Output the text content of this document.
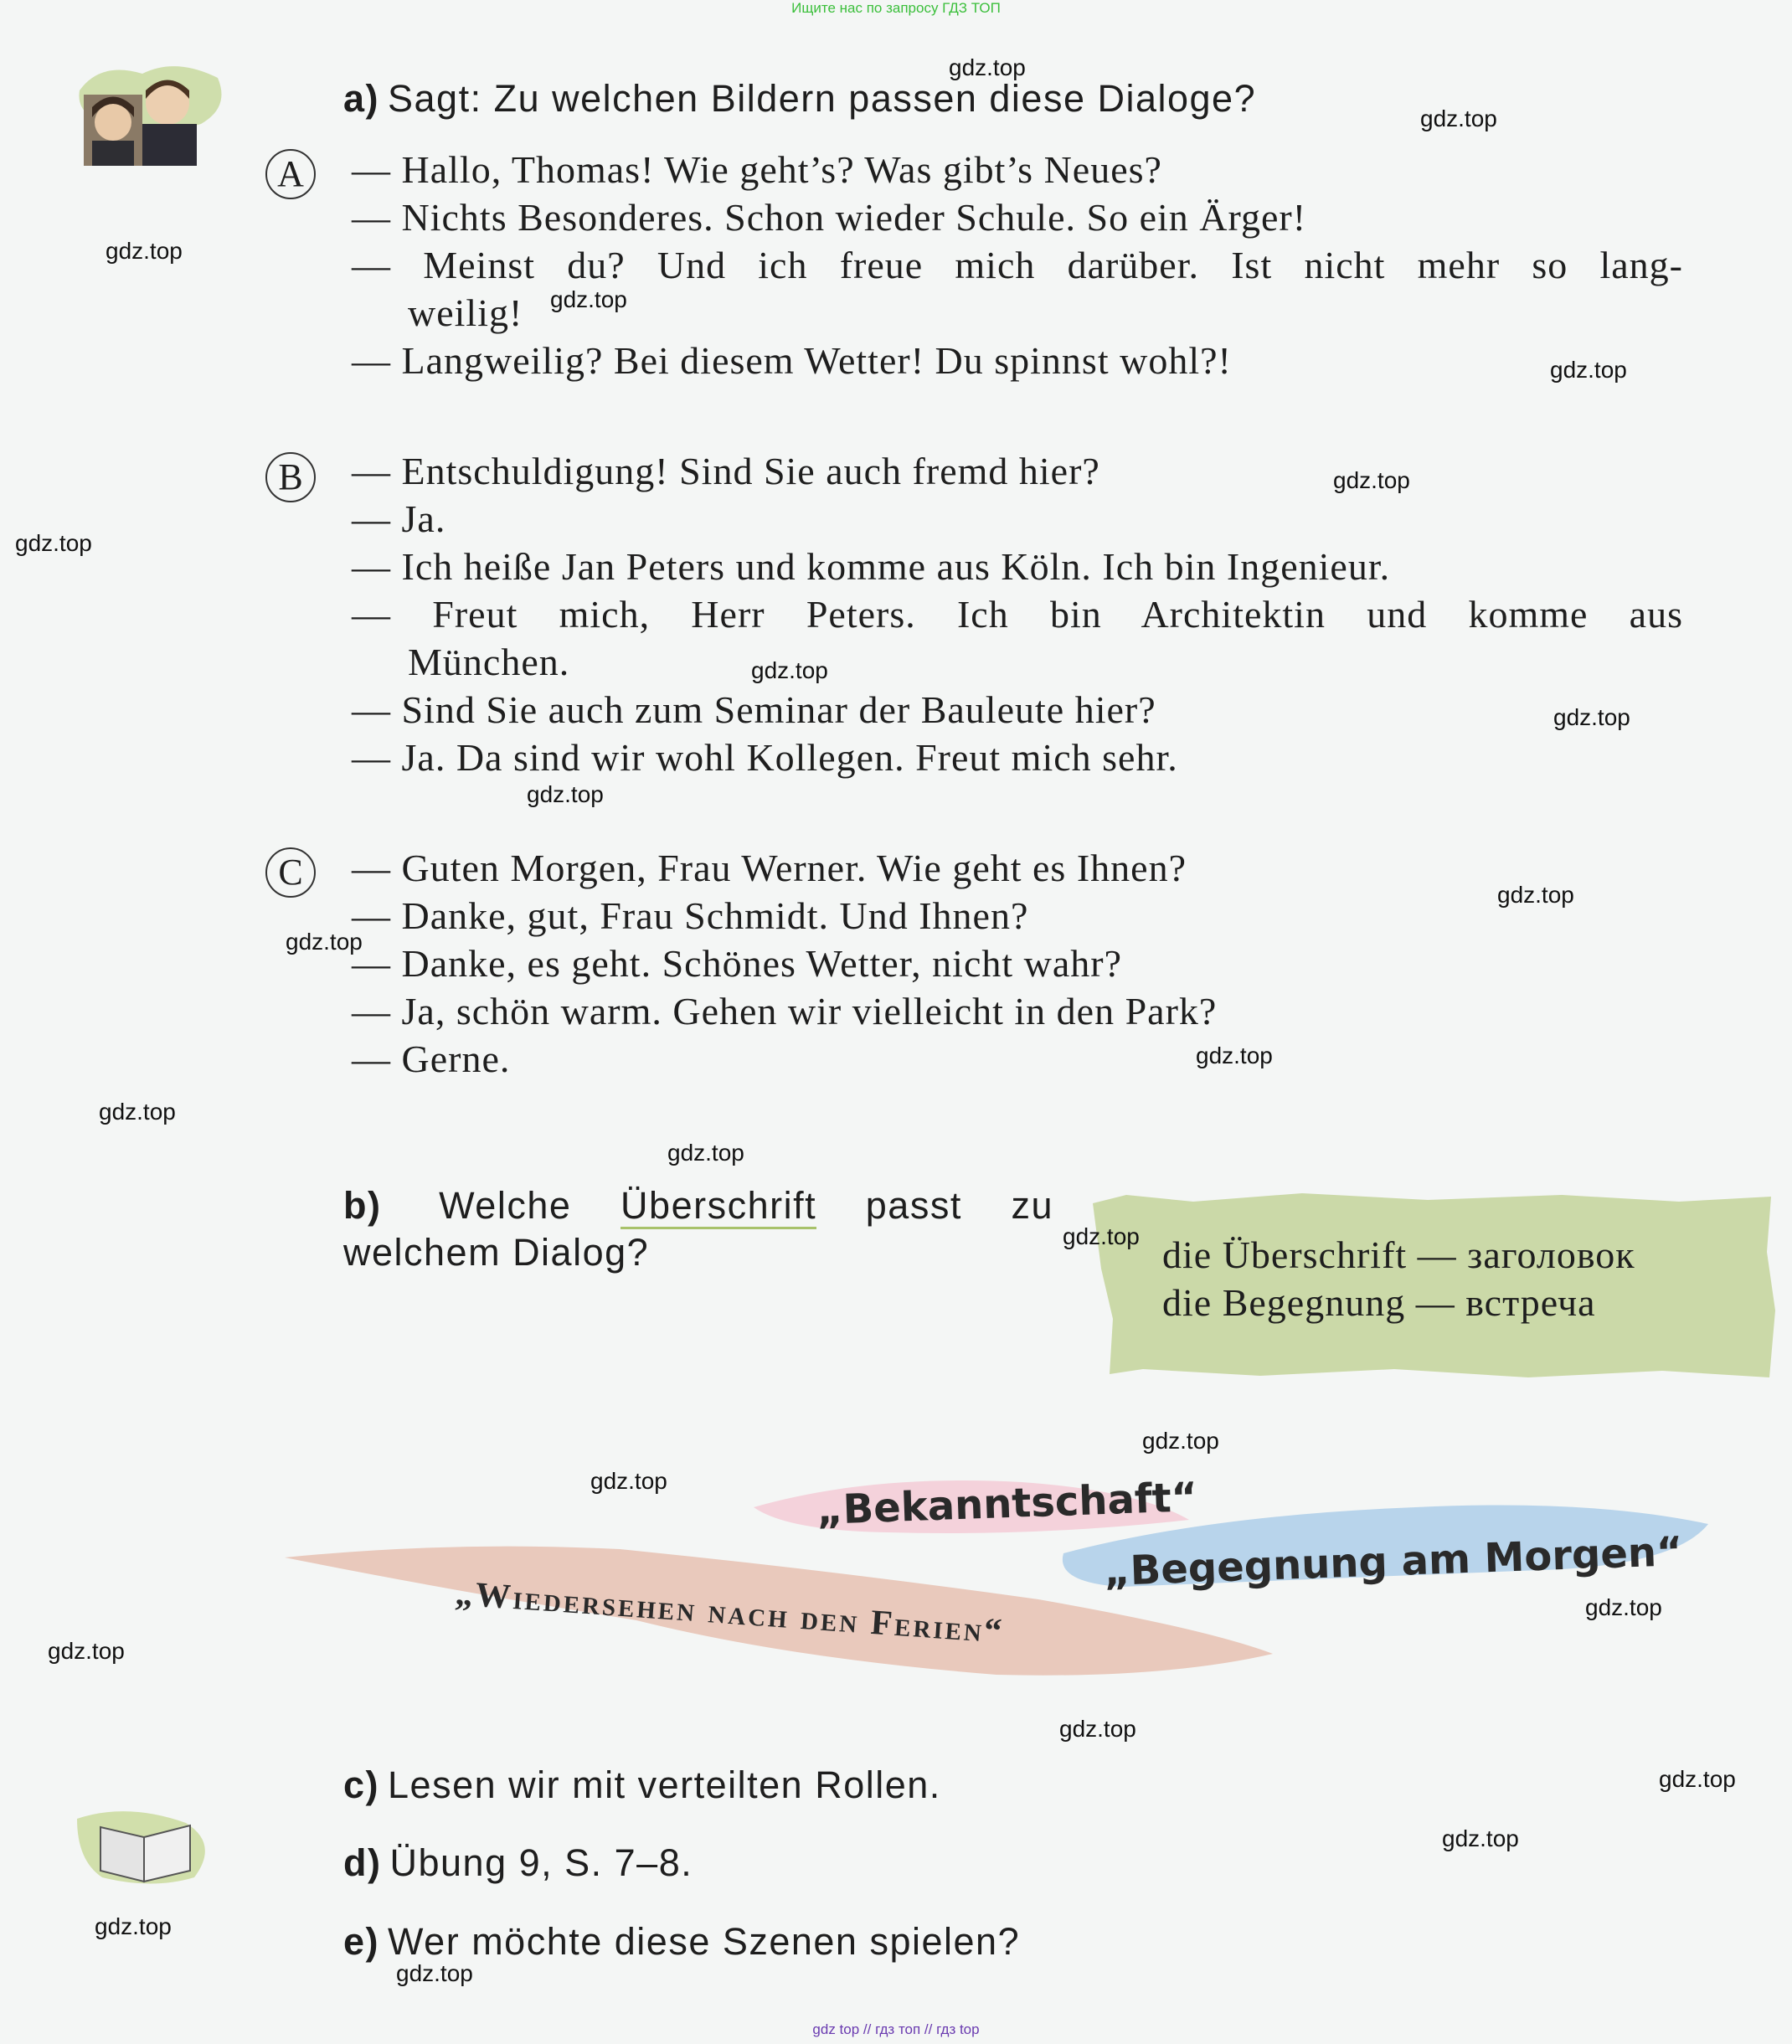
Ищите нас по запросу ГДЗ ТОП
gdz top // гдз топ // гдз top
a) Sagt: Zu welchen Bildern passen diese Dialoge?
A	— Hallo, Thomas! Wie geht’s? Was gibt’s Neues?
— Nichts Besonderes. Schon wieder Schule. So ein Ärger!
— Meinst du? Und ich freue mich darüber. Ist nicht mehr so lang-
weilig!
— Langweilig? Bei diesem Wetter! Du spinnst wohl?!
B	— Entschuldigung! Sind Sie auch fremd hier?
— Ja.
— Ich heiße Jan Peters und komme aus Köln. Ich bin Ingenieur.
— Freut mich, Herr Peters. Ich bin Architektin und komme aus
München.
— Sind Sie auch zum Seminar der Bauleute hier?
— Ja. Da sind wir wohl Kollegen. Freut mich sehr.
C	— Guten Morgen, Frau Werner. Wie geht es Ihnen?
— Danke, gut, Frau Schmidt. Und Ihnen?
— Danke, es geht. Schönes Wetter, nicht wahr?
— Ja, schön warm. Gehen wir vielleicht in den Park?
— Gerne.
b) Welche Überschrift passt zu
welchem Dialog?	die Überschrift — заголовок
die Begegnung — встреча
„Bekanntschaft“
„Begegnung am Morgen“
„Wiedersehen nach den Ferien“
c) Lesen wir mit verteilten Rollen.
d) Übung 9, S. 7–8.
e) Wer möchte diese Szenen spielen?
gdz.top
gdz.top
gdz.top
gdz.top
gdz.top
gdz.top
gdz.top
gdz.top
gdz.top
gdz.top
gdz.top
gdz.top
gdz.top
gdz.top
gdz.top
gdz.top
gdz.top
gdz.top
gdz.top
gdz.top
gdz.top
gdz.top
gdz.top
gdz.top
gdz.top
